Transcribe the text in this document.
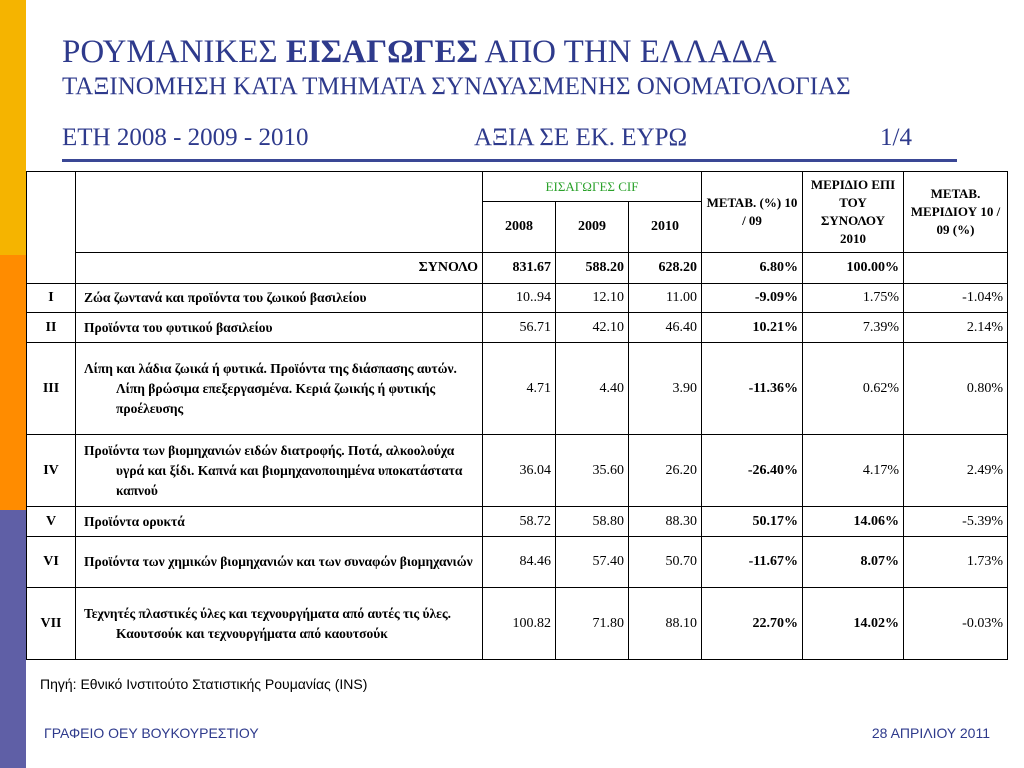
ΡΟΥΜΑΝΙΚΕΣ ΕΙΣΑΓΩΓΕΣ ΑΠΟ ΤΗΝ ΕΛΛΑΔΑ
ΤΑΞΙΝΟΜΗΣΗ ΚΑΤΑ ΤΜΗΜΑΤΑ ΣΥΝΔΥΑΣΜΕΝΗΣ ΟΝΟΜΑΤΟΛΟΓΙΑΣ
ΕΤΗ 2008 - 2009 - 2010	ΑΞΙΑ ΣΕ ΕΚ. ΕΥΡΩ	1/4
		ΕΙΣΑΓΩΓΕΣ CIF			ΜΕΤΑΒ. (%) 10 / 09	ΜΕΡΙΔΙΟ ΕΠΙ ΤΟΥ ΣΥΝΟΛΟΥ 2010	ΜΕΤΑΒ. ΜΕΡΙΔΙΟΥ 10 / 09 (%)
		2008	2009	2010			
	ΣΥΝΟΛΟ	831.67	588.20	628.20	6.80%	100.00%	
I	Ζώα ζωντανά και προϊόντα του ζωικού βασιλείου	10..94	12.10	11.00	-9.09%	1.75%	-1.04%
II	Προϊόντα του φυτικού βασιλείου	56.71	42.10	46.40	10.21%	7.39%	2.14%
III	Λίπη και λάδια ζωικά ή φυτικά. Προϊόντα της διάσπασης αυτών. Λίπη βρώσιμα επεξεργασμένα. Κεριά ζωικής ή φυτικής προέλευσης	4.71	4.40	3.90	-11.36%	0.62%	0.80%
IV	Προϊόντα των βιομηχανιών ειδών διατροφής. Ποτά, αλκοολούχα υγρά και ξίδι. Καπνά και βιομηχανοποιημένα υποκατάστατα καπνού	36.04	35.60	26.20	-26.40%	4.17%	2.49%
V	Προϊόντα ορυκτά	58.72	58.80	88.30	50.17%	14.06%	-5.39%
VI	Προϊόντα των χημικών βιομηχανιών και των συναφών βιομηχανιών	84.46	57.40	50.70	-11.67%	8.07%	1.73%
VII	Τεχνητές πλαστικές ύλες και τεχνουργήματα από αυτές τις ύλες. Καουτσούκ και τεχνουργήματα από καουτσούκ	100.82	71.80	88.10	22.70%	14.02%	-0.03%
Πηγή: Εθνικό Ινστιτούτο Στατιστικής Ρουμανίας (INS)
ΓΡΑΦΕΙΟ ΟΕΥ ΒΟΥΚΟΥΡΕΣΤΙΟΥ	28 ΑΠΡΙΛΙΟΥ 2011
